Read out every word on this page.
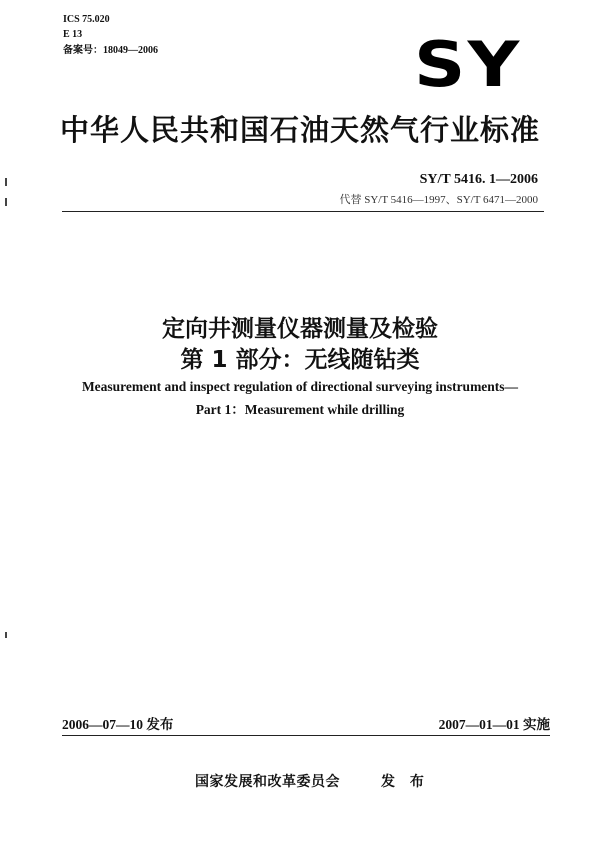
ICS 75.020
E 13
备案号：18049—2006	SY
中华人民共和国石油天然气行业标准
SY/T 5416. 1—2006
代替 SY/T 5416—1997、SY/T 6471—2000
定向井测量仪器测量及检验
第 1 部分：无线随钻类
Measurement and inspect regulation of directional surveying instruments—
Part 1：Measurement while drilling
2006—07—10 发布	2007—01—01 实施
国家发展和改革委员会	发 布
